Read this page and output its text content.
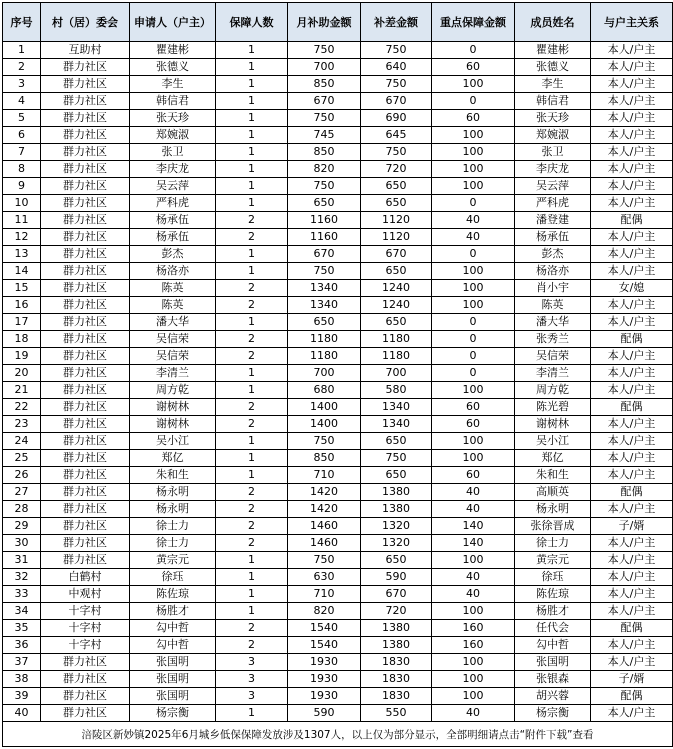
序号	村（居）委会	申请人（户主）	保障人数	月补助金额	补差金额	重点保障金额	成员姓名	与户主关系
1	互助村	瞿建彬	1	750	750	0	瞿建彬	本人/户主
2	群力社区	张德义	1	700	640	60	张德义	本人/户主
3	群力社区	李生	1	850	750	100	李生	本人/户主
4	群力社区	韩信君	1	670	670	0	韩信君	本人/户主
5	群力社区	张天珍	1	750	690	60	张天珍	本人/户主
6	群力社区	郑婉淑	1	745	645	100	郑婉淑	本人/户主
7	群力社区	张卫	1	850	750	100	张卫	本人/户主
8	群力社区	李庆龙	1	820	720	100	李庆龙	本人/户主
9	群力社区	吴云萍	1	750	650	100	吴云萍	本人/户主
10	群力社区	严科虎	1	650	650	0	严科虎	本人/户主
11	群力社区	杨承伍	2	1160	1120	40	潘登建	配偶
12	群力社区	杨承伍	2	1160	1120	40	杨承伍	本人/户主
13	群力社区	彭杰	1	670	670	0	彭杰	本人/户主
14	群力社区	杨洛亦	1	750	650	100	杨洛亦	本人/户主
15	群力社区	陈英	2	1340	1240	100	肖小宇	女/媳
16	群力社区	陈英	2	1340	1240	100	陈英	本人/户主
17	群力社区	潘大华	1	650	650	0	潘大华	本人/户主
18	群力社区	吴信荣	2	1180	1180	0	张秀兰	配偶
19	群力社区	吴信荣	2	1180	1180	0	吴信荣	本人/户主
20	群力社区	李清兰	1	700	700	0	李清兰	本人/户主
21	群力社区	周方乾	1	680	580	100	周方乾	本人/户主
22	群力社区	谢树林	2	1400	1340	60	陈光碧	配偶
23	群力社区	谢树林	2	1400	1340	60	谢树林	本人/户主
24	群力社区	吴小江	1	750	650	100	吴小江	本人/户主
25	群力社区	郑亿	1	850	750	100	郑亿	本人/户主
26	群力社区	朱和生	1	710	650	60	朱和生	本人/户主
27	群力社区	杨永明	2	1420	1380	40	高顺英	配偶
28	群力社区	杨永明	2	1420	1380	40	杨永明	本人/户主
29	群力社区	徐士力	2	1460	1320	140	张徐晋成	子/婿
30	群力社区	徐士力	2	1460	1320	140	徐士力	本人/户主
31	群力社区	黄宗元	1	750	650	100	黄宗元	本人/户主
32	白鹤村	徐珏	1	630	590	40	徐珏	本人/户主
33	中观村	陈佐琼	1	710	670	40	陈佐琼	本人/户主
34	十字村	杨胜才	1	820	720	100	杨胜才	本人/户主
35	十字村	勾中哲	2	1540	1380	160	任代会	配偶
36	十字村	勾中哲	2	1540	1380	160	勾中哲	本人/户主
37	群力社区	张国明	3	1930	1830	100	张国明	本人/户主
38	群力社区	张国明	3	1930	1830	100	张银森	子/婿
39	群力社区	张国明	3	1930	1830	100	胡兴蓉	配偶
40	群力社区	杨宗衡	1	590	550	40	杨宗衡	本人/户主
涪陵区新妙镇2025年6月城乡低保保障发放涉及1307人，以上仅为部分显示，全部明细请点击“附件下载”查看								
